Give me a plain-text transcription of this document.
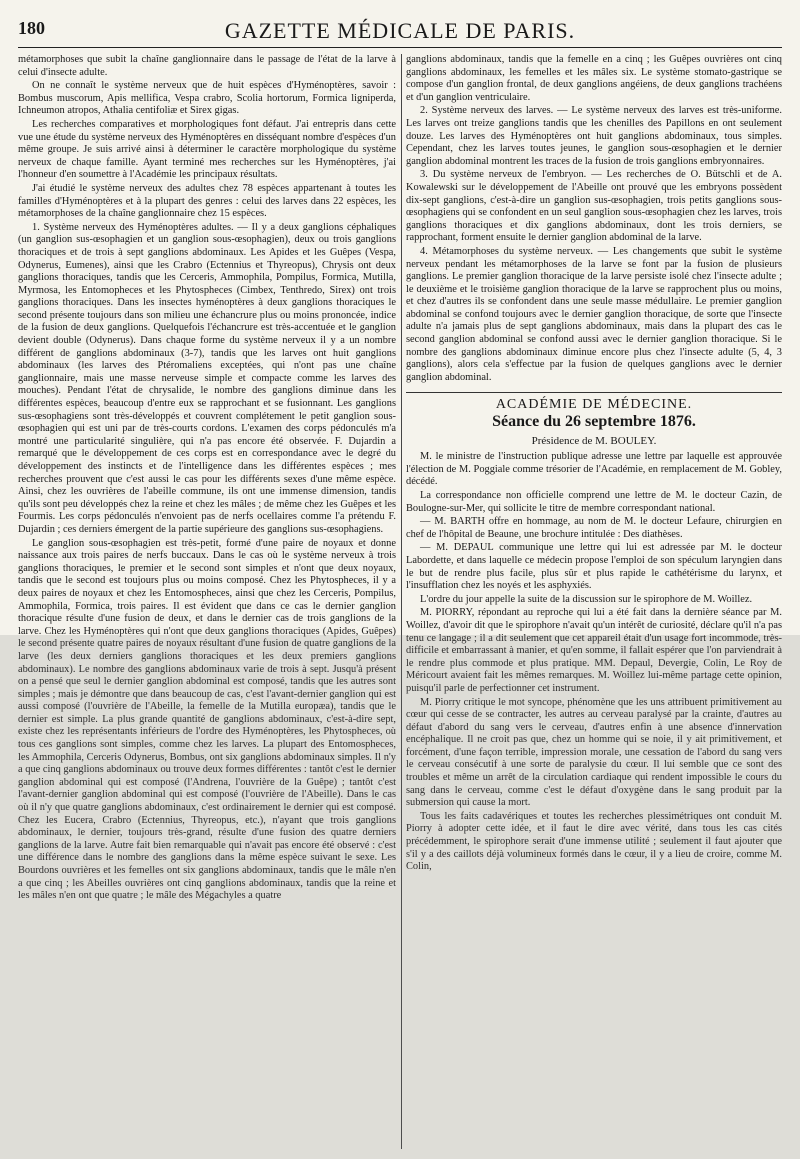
180	GAZETTE MÉDICALE DE PARIS.

métamorphoses que subit la chaîne ganglionnaire dans le passage de l'état de la larve à celui d'insecte adulte.

On ne connaît le système nerveux que de huit espèces d'Hyménoptères, savoir : Bombus muscorum, Apis mellifica, Vespa crabro, Scolia hortorum, Formica ligniperda, Ichneumon atropos, Athalia centifoliæ et Sirex gigas.

Les recherches comparatives et morphologiques font défaut. J'ai entrepris dans cette vue une étude du système nerveux des Hyménoptères en disséquant nombre d'espèces d'un même groupe. Je suis arrivé ainsi à déterminer le caractère morphologique du système nerveux de chaque famille. Ayant terminé mes recherches sur les Hyménoptères, j'ai l'honneur d'en soumettre à l'Académie les principaux résultats.

J'ai étudié le système nerveux des adultes chez 78 espèces appartenant à toutes les familles d'Hyménoptères et à la plupart des genres : celui des larves dans 22 espèces, les métamorphoses de la chaîne ganglionnaire chez 15 espèces.

1. Système nerveux des Hyménoptères adultes. — Il y a deux ganglions céphaliques (un ganglion sus-œsophagien et un ganglion sous-œsophagien), deux ou trois ganglions thoraciques et de trois à sept ganglions abdominaux. Les Apides et les Guêpes (Vespa, Odynerus, Eumenes), ainsi que les Crabro (Ectennius et Thyreopus), Chrysis ont deux ganglions thoraciques, tandis que les Cerceris, Ammophila, Pompilus, Formica, Mutilla, Myrmosa, les Entomopheces et les Phytospheces (Cimbex, Tenthredo, Sirex) ont trois ganglions thoraciques. Dans les insectes hyménoptères à deux ganglions thoraciques le second présente toujours dans son milieu une échancrure plus ou moins prononcée, indice de la fusion de deux ganglions. Quelquefois l'échancrure est très-accentuée et le ganglion devient double (Odynerus). Dans chaque forme du système nerveux il y a un nombre différent de ganglions abdominaux (3-7), tandis que les larves ont huit ganglions abdominaux (les larves des Ptéromaliens exceptées, qui n'ont pas une chaîne ganglionnaire, mais une masse nerveuse simple et compacte comme les larves des mouches). Pendant l'état de chrysalide, le nombre des ganglions diminue dans les différentes espèces, beaucoup d'entre eux se rapprochant et se fusionnant. Les ganglions sus-œsophagiens sont très-développés et couvrent complétement le petit ganglion sous-œsophagien qui est uni par de très-courts cordons. L'examen des corps pédonculés m'a montré une particularité singulière, qui n'a pas encore été observée. F. Dujardin a remarqué que le développement de ces corps est en correspondance avec le degré du développement des instincts et de l'intelligence dans les différentes espèces ; mes recherches prouvent que c'est aussi le cas pour les différents sexes d'une même espèce. Ainsi, chez les ouvrières de l'abeille commune, ils ont une immense dimension, tandis qu'ils sont peu développés chez la reine et chez les mâles ; de même chez les Guêpes et les Fourmis. Les corps pédonculés n'envoient pas de nerfs ocellaires comme l'a prétendu F. Dujardin ; ces derniers émergent de la partie supérieure des ganglions sus-œsophagiens.

Le ganglion sous-œsophagien est très-petit, formé d'une paire de noyaux et donne naissance aux trois paires de nerfs buccaux. Dans le cas où le système nerveux à trois ganglions thoraciques, le premier et le second sont simples et n'ont que deux noyaux, tandis que le second est toujours plus ou moins composé. Chez les Phytospheces, il y a deux paires de noyaux et chez les Entomospheces, ainsi que chez les Cerceris, Pompilus, Ammophila, Formica, trois paires. Il est évident que dans ce cas le dernier ganglion thoracique résulte d'une fusion de deux, et dans le dernier cas de trois ganglions de la larve. Chez les Hyménoptères qui n'ont que deux ganglions thoraciques (Apides, Guêpes) le second présente quatre paires de noyaux résultant d'une fusion de quatre ganglions de la larve (les deux derniers ganglions thoraciques et les deux premiers ganglions abdominaux). Le nombre des ganglions abdominaux varie de trois à sept. Jusqu'à présent on a pensé que seul le dernier ganglion abdominal est composé, tandis que les autres sont simples ; mais je démontre que dans beaucoup de cas, c'est l'avant-dernier ganglion qui est aussi composé (l'ouvrière de l'Abeille, la femelle de la Mutilla europæa), tandis que le dernier est simple. La plus grande quantité de ganglions abdominaux, c'est-à-dire sept, existe chez les représentants inférieurs de l'ordre des Hyménoptères, les Phytospheces, où tous ces ganglions sont simples, comme chez les larves. La plupart des Entomospheces, les Ammophila, Cerceris Odynerus, Bombus, ont six ganglions abdominaux simples. Il n'y a que cinq ganglions abdominaux ou trouve deux formes différentes : tantôt c'est le dernier ganglion abdominal qui est composé (l'Andrena, l'ouvrière de la Guêpe) ; tantôt c'est l'avant-dernier ganglion abdominal qui est composé (l'ouvrière de l'Abeille). Dans le cas où il n'y que quatre ganglions abdominaux, c'est ordinairement le dernier qui est composé. Chez les Eucera, Crabro (Ectennius, Thyreopus, etc.), n'ayant que trois ganglions abdominaux, le dernier, toujours très-grand, résulte d'une fusion des quatre derniers ganglions de la larve. Autre fait bien remarquable qui n'avait pas encore été observé : c'est une différence dans le nombre des ganglions dans la même espèce suivant le sexe. Les Bourdons ouvrières et les femelles ont six ganglions abdominaux, tandis que le mâle n'en a que cinq ; les Abeilles ouvrières ont cinq ganglions abdominaux, tandis que la reine et les mâles n'en ont que quatre ; le mâle des Mégachyles a quatre

ganglions abdominaux, tandis que la femelle en a cinq ; les Guêpes ouvrières ont cinq ganglions abdominaux, les femelles et les mâles six. Le système stomato-gastrique se compose d'un ganglion frontal, de deux ganglions angéiens, de deux ganglions trachéens et d'un ganglion ventriculaire.

2. Système nerveux des larves. — Le système nerveux des larves est très-uniforme. Les larves ont treize ganglions tandis que les chenilles des Papillons en ont seulement douze. Les larves des Hyménoptères ont huit ganglions abdominaux, tous simples. Cependant, chez les larves toutes jeunes, le ganglion sous-œsophagien et le dernier ganglion abdominal montrent les traces de la fusion de trois ganglions embryonnaires.

3. Du système nerveux de l'embryon. — Les recherches de O. Bütschli et de A. Kowalewski sur le développement de l'Abeille ont prouvé que les embryons possèdent dix-sept ganglions, c'est-à-dire un ganglion sus-œsophagien, trois petits ganglions sous-œsophagiens qui se confondent en un seul ganglion sous-œsophagien chez les larves, trois ganglions thoraciques et dix ganglions abdominaux, dont les trois derniers, se rapprochant, forment ensuite le dernier ganglion abdominal de la larve.

4. Métamorphoses du système nerveux. — Les changements que subit le système nerveux pendant les métamorphoses de la larve se font par la fusion de plusieurs ganglions. Le premier ganglion thoracique de la larve persiste isolé chez l'insecte adulte ; le deuxième et le troisième ganglion thoracique de la larve se rapprochent plus ou moins, et chez d'autres ils se confondent dans une seule masse médullaire. Le premier ganglion abdominal se confond toujours avec le dernier ganglion thoracique, de sorte que l'insecte adulte n'a jamais plus de sept ganglions abdominaux, mais dans la plupart des cas le second ganglion abdominal se confond aussi avec le dernier ganglion thoracique. Si le nombre des ganglions abdominaux diminue encore plus chez l'insecte adulte (5, 4, 3 ganglions), alors cela s'effectue par la fusion de quelques ganglions avec le dernier ganglion abdominal.

ACADÉMIE DE MÉDECINE.
Séance du 26 septembre 1876.
Présidence de M. BOULEY.

M. le ministre de l'instruction publique adresse une lettre par laquelle est approuvée l'élection de M. Poggiale comme trésorier de l'Académie, en remplacement de M. Gobley, décédé.

La correspondance non officielle comprend une lettre de M. le docteur Cazin, de Boulogne-sur-Mer, qui sollicite le titre de membre correspondant national.

— M. BARTH offre en hommage, au nom de M. le docteur Lefaure, chirurgien en chef de l'hôpital de Beaune, une brochure intitulée : Des diathèses.

— M. DEPAUL communique une lettre qui lui est adressée par M. le docteur Labordette, et dans laquelle ce médecin propose l'emploi de son spéculum laryngien dans le but de rendre plus facile, plus sûr et plus rapide le cathétérisme du larynx, et l'insufflation chez les noyés et les asphyxiés.

L'ordre du jour appelle la suite de la discussion sur le spirophore de M. Woillez.

M. PIORRY, répondant au reproche qui lui a été fait dans la dernière séance par M. Woillez, d'avoir dit que le spirophore n'avait qu'un intérêt de curiosité, déclare qu'il n'a pas tenu ce langage ; il a dit seulement que cet appareil était d'un usage fort incommode, très-difficile et embarrassant à manier, et qu'en somme, il fallait espérer que l'on parviendrait à le rendre plus commode et plus pratique. MM. Depaul, Devergie, Colin, Le Roy de Méricourt avaient fait les mêmes remarques. M. Woillez lui-même partage cette opinion, puisqu'il parle de perfectionner cet instrument.

M. Piorry critique le mot syncope, phénomène que les uns attribuent primitivement au cœur qui cesse de se contracter, les autres au cerveau paralysé par la crainte, d'autres au défaut d'abord du sang vers le cerveau, d'autres enfin à une absence d'innervation encéphalique. Il ne croit pas que, chez un homme qui se noie, il y ait primitivement, et forcément, d'une façon terrible, impression morale, une cessation de l'abord du sang vers le cerveau consécutif à une sorte de paralysie du cœur. Il lui semble que ce sont des troubles et même un arrêt de la circulation cardiaque qui rendent impossible le cours du sang dans le cerveau, comme c'est le défaut d'oxygène dans le sang produit par la submersion qui cause la mort.

Tous les faits cadavériques et toutes les recherches plessimétriques ont conduit M. Piorry à adopter cette idée, et il faut le dire avec vérité, dans tous les cas cités précédemment, le spirophore serait d'une immense utilité ; seulement il faut ajouter que s'il y a des caillots déjà volumineux formés dans le cœur, il y a lieu de croire, comme M. Colin,
